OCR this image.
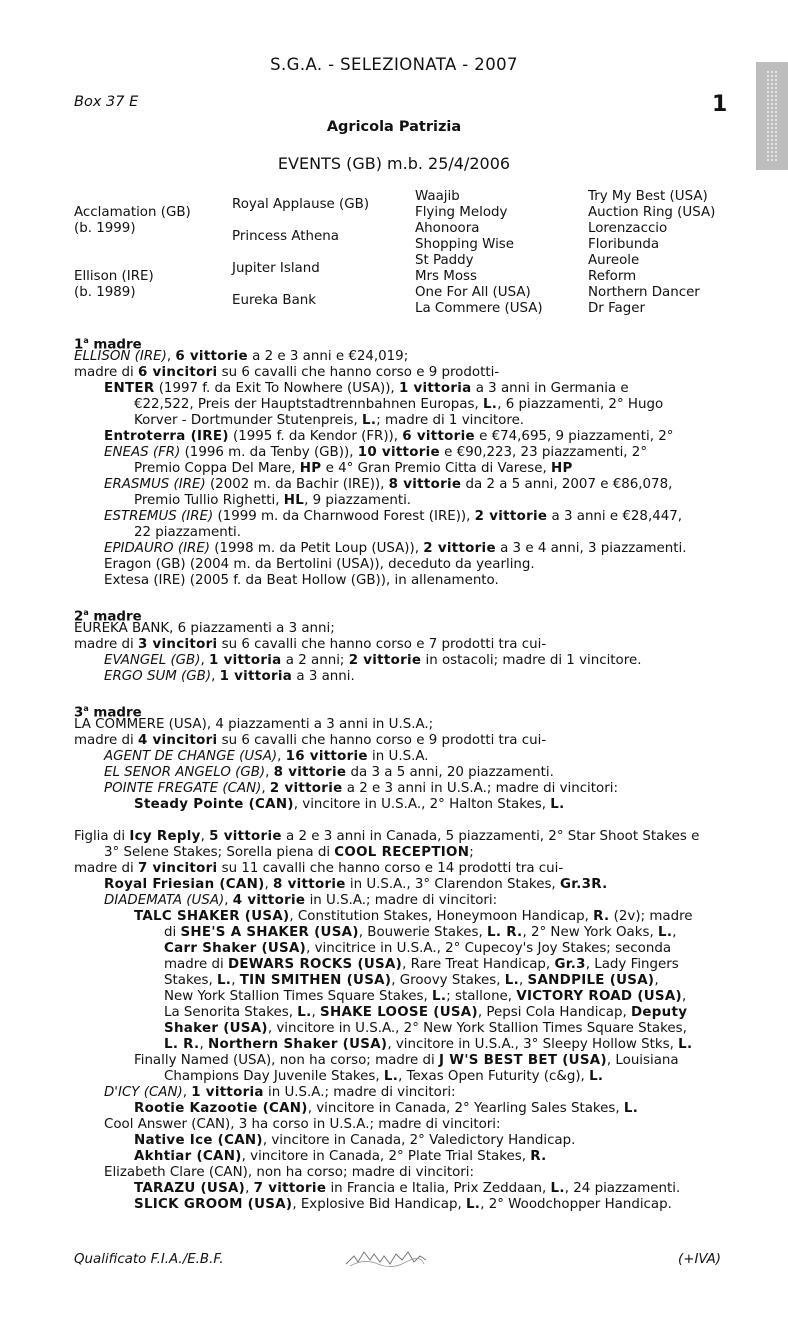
S.G.A. - SELEZIONATA - 2007

Box 37 E	1

Agricola Patrizia

EVENTS (GB) m.b. 25/4/2006

Acclamation (GB)
(b. 1999)
Ellison (IRE)
(b. 1989)
Royal Applause (GB)
Princess Athena
Jupiter Island
Eureka Bank
Waajib
Flying Melody
Ahonoora
Shopping Wise
St Paddy
Mrs Moss
One For All (USA)
La Commere (USA)
Try My Best (USA)
Auction Ring (USA)
Lorenzaccio
Floribunda
Aureole
Reform
Northern Dancer
Dr Fager
1$^a$ madre
2$^a$ madre
3$^a$ madre
ELLISON (IRE), 6 vittorie a 2 e 3 anni e €24,019;
madre di 6 vincitori su 6 cavalli che hanno corso e 9 prodotti-
ENTER (1997 f. da Exit To Nowhere (USA)), 1 vittoria a 3 anni in Germania e
€22,522, Preis der Hauptstadtrennbahnen Europas, L., 6 piazzamenti, 2° Hugo
Korver - Dortmunder Stutenpreis, L.; madre di 1 vincitore.
Entroterra (IRE) (1995 f. da Kendor (FR)), 6 vittorie e €74,695, 9 piazzamenti, 2°
ENEAS (FR) (1996 m. da Tenby (GB)), 10 vittorie e €90,223, 23 piazzamenti, 2°
Premio Coppa Del Mare, HP e 4° Gran Premio Citta di Varese, HP
ERASMUS (IRE) (2002 m. da Bachir (IRE)), 8 vittorie da 2 a 5 anni, 2007 e €86,078,
Premio Tullio Righetti, HL, 9 piazzamenti.
ESTREMUS (IRE) (1999 m. da Charnwood Forest (IRE)), 2 vittorie a 3 anni e €28,447,
22 piazzamenti.
EPIDAURO (IRE) (1998 m. da Petit Loup (USA)), 2 vittorie a 3 e 4 anni, 3 piazzamenti.
Eragon (GB) (2004 m. da Bertolini (USA)), deceduto da yearling.
Extesa (IRE) (2005 f. da Beat Hollow (GB)), in allenamento.
EUREKA BANK, 6 piazzamenti a 3 anni;
madre di 3 vincitori su 6 cavalli che hanno corso e 7 prodotti tra cui-
EVANGEL (GB), 1 vittoria a 2 anni; 2 vittorie in ostacoli; madre di 1 vincitore.
ERGO SUM (GB), 1 vittoria a 3 anni.
LA COMMERE (USA), 4 piazzamenti a 3 anni in U.S.A.;
madre di 4 vincitori su 6 cavalli che hanno corso e 9 prodotti tra cui-
AGENT DE CHANGE (USA), 16 vittorie in U.S.A.
EL SENOR ANGELO (GB), 8 vittorie da 3 a 5 anni, 20 piazzamenti.
POINTE FREGATE (CAN), 2 vittorie a 2 e 3 anni in U.S.A.; madre di vincitori:
Steady Pointe (CAN), vincitore in U.S.A., 2° Halton Stakes, L.
Figlia di Icy Reply, 5 vittorie a 2 e 3 anni in Canada, 5 piazzamenti, 2° Star Shoot Stakes e
3° Selene Stakes; Sorella piena di COOL RECEPTION;
madre di 7 vincitori su 11 cavalli che hanno corso e 14 prodotti tra cui-
Royal Friesian (CAN), 8 vittorie in U.S.A., 3° Clarendon Stakes, Gr.3R.
DIADEMATA (USA), 4 vittorie in U.S.A.; madre di vincitori:
TALC SHAKER (USA), Constitution Stakes, Honeymoon Handicap, R. (2v); madre
di SHE'S A SHAKER (USA), Bouwerie Stakes, L. R., 2° New York Oaks, L.,
Carr Shaker (USA), vincitrice in U.S.A., 2° Cupecoy's Joy Stakes; seconda
madre di DEWARS ROCKS (USA), Rare Treat Handicap, Gr.3, Lady Fingers
Stakes, L., TIN SMITHEN (USA), Groovy Stakes, L., SANDPILE (USA),
New York Stallion Times Square Stakes, L.; stallone, VICTORY ROAD (USA),
La Senorita Stakes, L., SHAKE LOOSE (USA), Pepsi Cola Handicap, Deputy
Shaker (USA), vincitore in U.S.A., 2° New York Stallion Times Square Stakes,
L. R., Northern Shaker (USA), vincitore in U.S.A., 3° Sleepy Hollow Stks, L.
Finally Named (USA), non ha corso; madre di J W'S BEST BET (USA), Louisiana
Champions Day Juvenile Stakes, L., Texas Open Futurity (c&g), L.
D'ICY (CAN), 1 vittoria in U.S.A.; madre di vincitori:
Rootie Kazootie (CAN), vincitore in Canada, 2° Yearling Sales Stakes, L.
Cool Answer (CAN), 3 ha corso in U.S.A.; madre di vincitori:
Native Ice (CAN), vincitore in Canada, 2° Valedictory Handicap.
Akhtiar (CAN), vincitore in Canada, 2° Plate Trial Stakes, R.
Elizabeth Clare (CAN), non ha corso; madre di vincitori:
TARAZU (USA), 7 vittorie in Francia e Italia, Prix Zeddaan, L., 24 piazzamenti.
SLICK GROOM (USA), Explosive Bid Handicap, L., 2° Woodchopper Handicap.

Qualificato F.I.A./E.B.F.	(+IVA)
